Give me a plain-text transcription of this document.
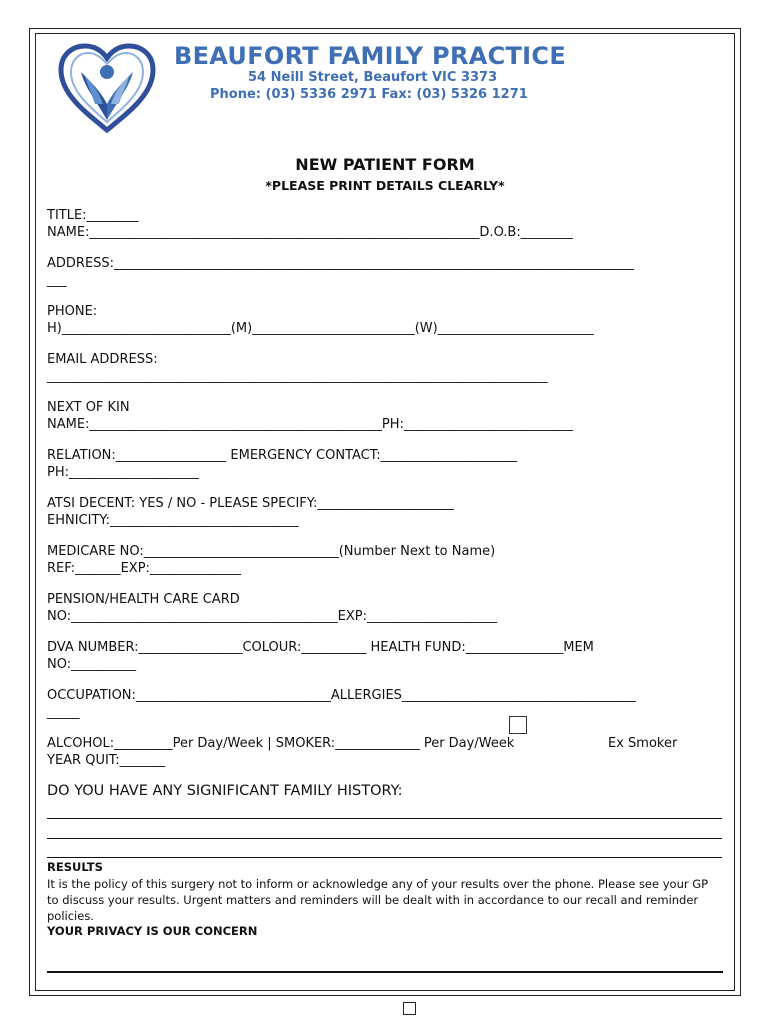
BEAUFORT FAMILY PRACTICE
54 Neill Street, Beaufort VIC 3373
Phone: (03) 5336 2971 Fax: (03) 5326 1271
NEW PATIENT FORM
*PLEASE PRINT DETAILS CLEARLY*
TITLE:________
NAME:____________________________________________________________D.O.B:________
ADDRESS:________________________________________________________________________________
___
PHONE:
H)__________________________(M)_________________________(W)________________________
EMAIL ADDRESS:
_____________________________________________________________________________
NEXT OF KIN
NAME:_____________________________________________PH:__________________________
RELATION:_________________ EMERGENCY CONTACT:_____________________
PH:____________________
ATSI DECENT: YES / NO - PLEASE SPECIFY:_____________________
EHNICITY:_____________________________
MEDICARE NO:______________________________(Number Next to Name)
REF:_______EXP:______________
PENSION/HEALTH CARE CARD
NO:_________________________________________EXP:____________________
DVA NUMBER:________________COLOUR:__________ HEALTH FUND:_______________MEM
NO:__________
OCCUPATION:______________________________ALLERGIES____________________________________
_____
ALCOHOL:_________Per Day/Week | SMOKER:_____________ Per Day/Week	Ex Smoker
YEAR QUIT:_______
DO YOU HAVE ANY SIGNIFICANT FAMILY HISTORY:
RESULTS
It is the policy of this surgery not to inform or acknowledge any of your results over the phone. Please see your GP to discuss your results. Urgent matters and reminders will be dealt with in accordance to our recall and reminder policies.
YOUR PRIVACY IS OUR CONCERN
